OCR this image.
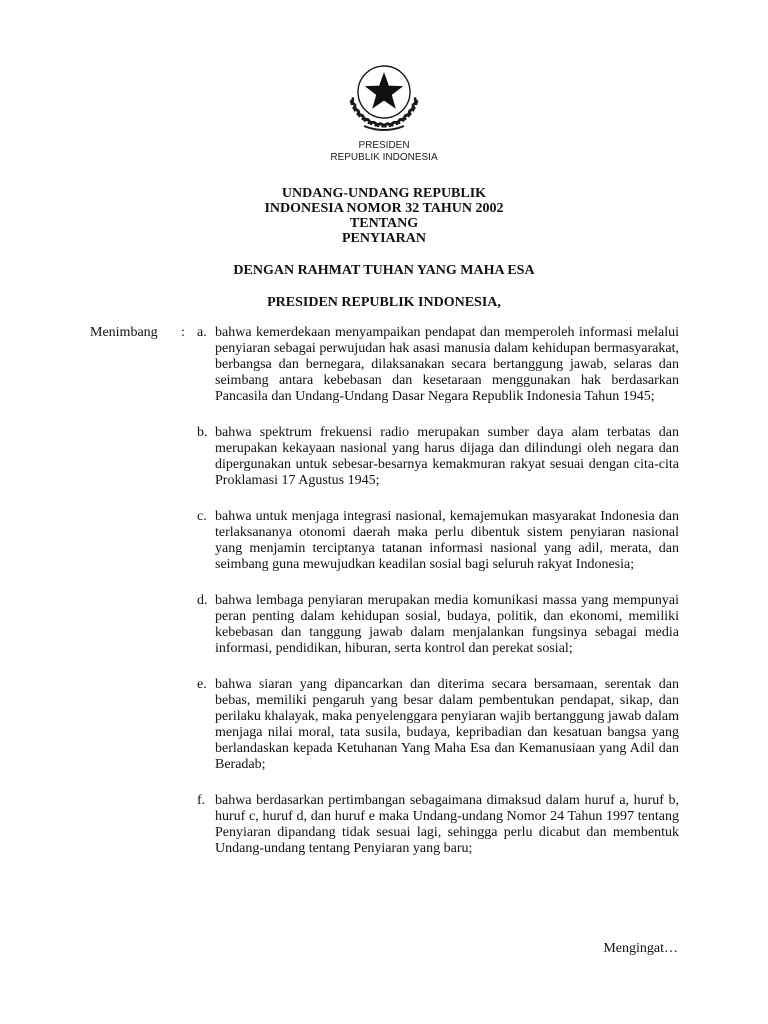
PRESIDEN
REPUBLIK INDONESIA
UNDANG-UNDANG REPUBLIK
INDONESIA NOMOR 32 TAHUN 2002
TENTANG
PENYIARAN
DENGAN RAHMAT TUHAN YANG MAHA ESA
PRESIDEN REPUBLIK INDONESIA,
Menimbang : a. bahwa kemerdekaan menyampaikan pendapat dan memperoleh informasi melalui penyiaran sebagai perwujudan hak asasi manusia dalam kehidupan bermasyarakat, berbangsa dan bernegara, dilaksanakan secara bertanggung jawab, selaras dan seimbang antara kebebasan dan kesetaraan menggunakan hak berdasarkan Pancasila dan Undang-Undang Dasar Negara Republik Indonesia Tahun 1945;
b. bahwa spektrum frekuensi radio merupakan sumber daya alam terbatas dan merupakan kekayaan nasional yang harus dijaga dan dilindungi oleh negara dan dipergunakan untuk sebesar-besarnya kemakmuran rakyat sesuai dengan cita-cita Proklamasi 17 Agustus 1945;
c. bahwa untuk menjaga integrasi nasional, kemajemukan masyarakat Indonesia dan terlaksananya otonomi daerah maka perlu dibentuk sistem penyiaran nasional yang menjamin terciptanya tatanan informasi nasional yang adil, merata, dan seimbang guna mewujudkan keadilan sosial bagi seluruh rakyat Indonesia;
d. bahwa lembaga penyiaran merupakan media komunikasi massa yang mempunyai peran penting dalam kehidupan sosial, budaya, politik, dan ekonomi, memiliki kebebasan dan tanggung jawab dalam menjalankan fungsinya sebagai media informasi, pendidikan, hiburan, serta kontrol dan perekat sosial;
e. bahwa siaran yang dipancarkan dan diterima secara bersamaan, serentak dan bebas, memiliki pengaruh yang besar dalam pembentukan pendapat, sikap, dan perilaku khalayak, maka penyelenggara penyiaran wajib bertanggung jawab dalam menjaga nilai moral, tata susila, budaya, kepribadian dan kesatuan bangsa yang berlandaskan kepada Ketuhanan Yang Maha Esa dan Kemanusiaan yang Adil dan Beradab;
f. bahwa berdasarkan pertimbangan sebagaimana dimaksud dalam huruf a, huruf b, huruf c, huruf d, dan huruf e maka Undang-undang Nomor 24 Tahun 1997 tentang Penyiaran dipandang tidak sesuai lagi, sehingga perlu dicabut dan membentuk Undang-undang tentang Penyiaran yang baru;
Mengingat…
